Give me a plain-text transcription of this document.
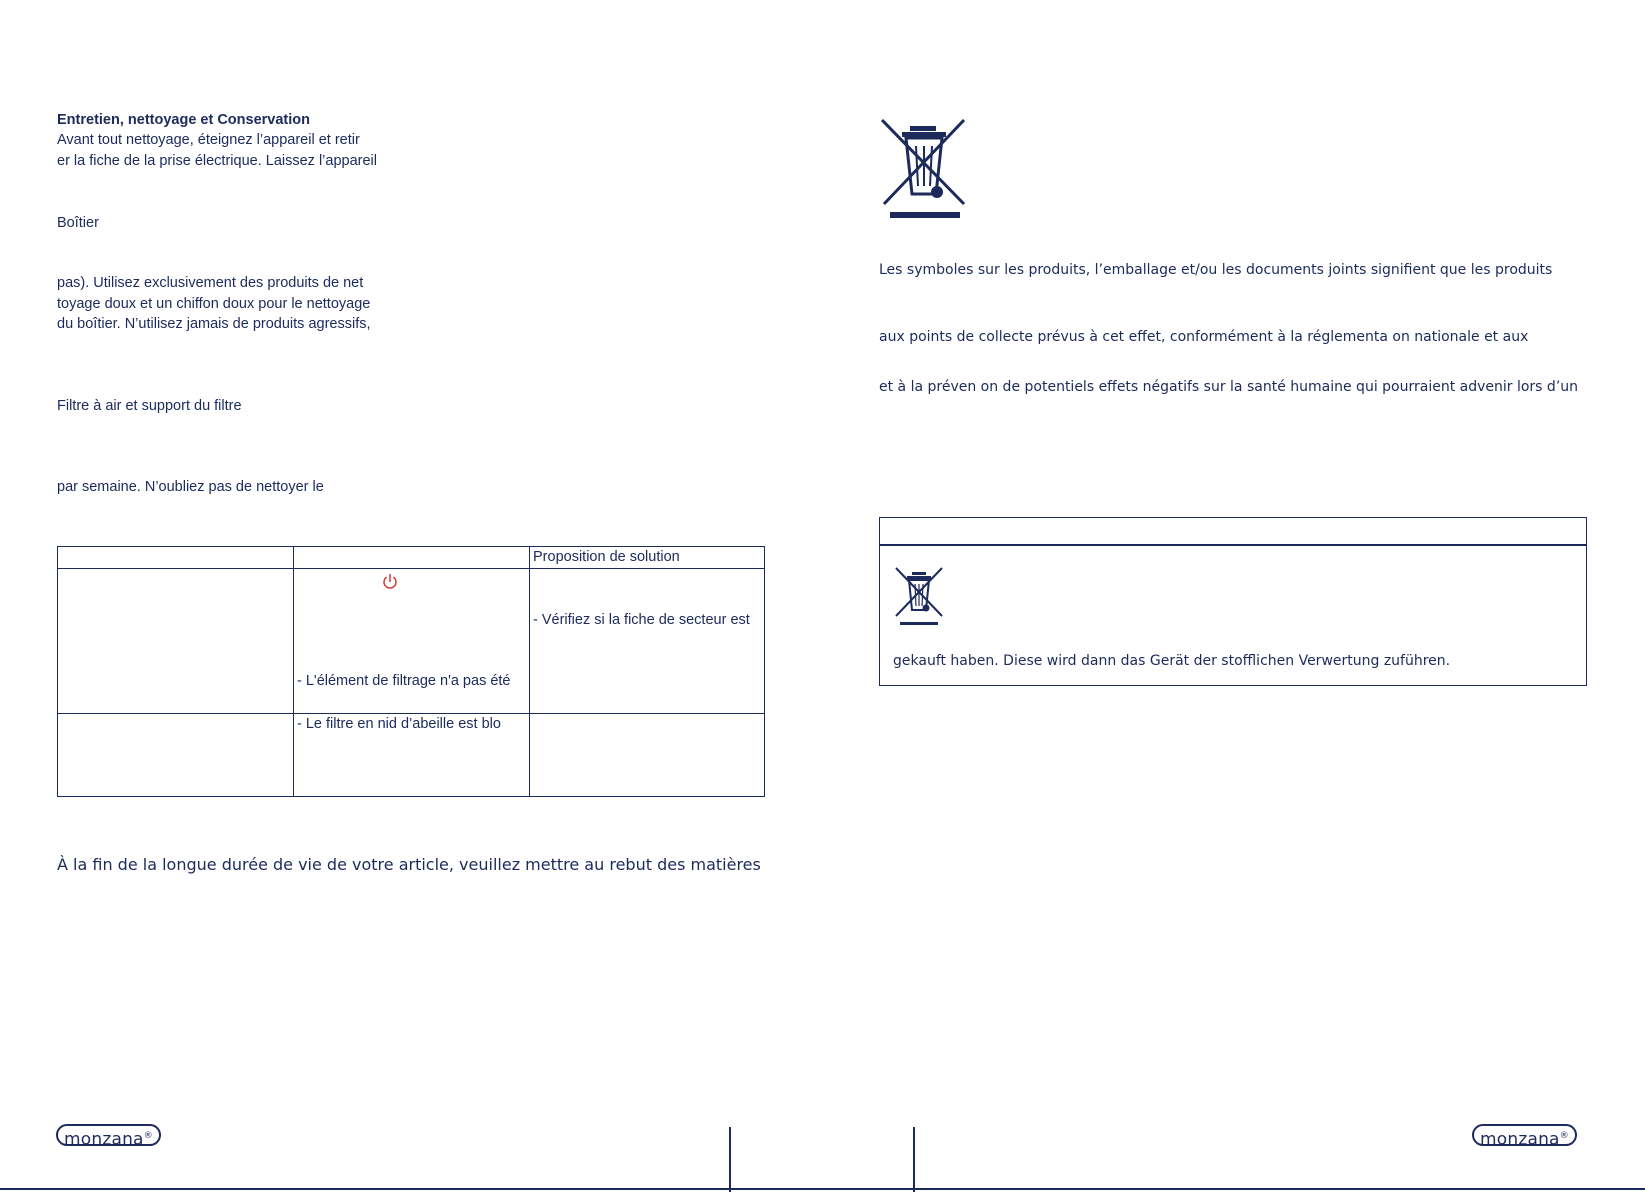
Entretien, nettoyage et Conservation
Avant tout nettoyage, éteignez l’appareil et retir
er la fiche de la prise électrique. Laissez l’appareil
Boîtier
pas). Utilisez exclusivement des produits de net
toyage doux et un chiffon doux pour le nettoyage
du boîtier. N’utilisez jamais de produits agressifs,
Filtre à air et support du filtre
par semaine. N’oubliez pas de nettoyer le
Proposition de solution
- Vérifiez si la fiche de secteur est
- L'élément de filtrage n'a pas été
- Le filtre en nid d’abeille est blo
À la fin de la longue durée de vie de votre article, veuillez mettre au rebut des matières
Les symboles sur les produits, l’emballage et/ou les documents joints signifient que les produits
aux points de collecte prévus à cet effet, conformément à la réglementa on nationale et aux
et à la préven on de potentiels effets négatifs sur la santé humaine qui pourraient advenir lors d’un
gekauft haben. Diese wird dann das Gerät der stofflichen Verwertung zuführen.
monzana®	monzana®
